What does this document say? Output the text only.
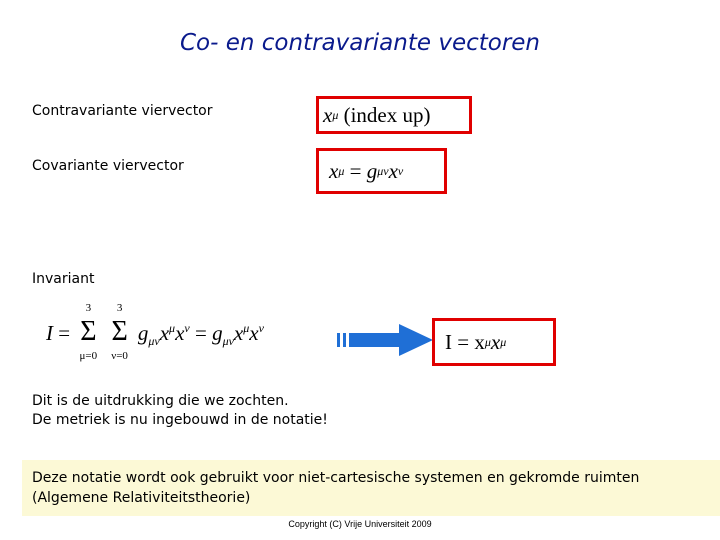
Co- en contravariante vectoren
Contravariante viervector	x μ
(index up)
Covariante viervector	x μ
=
g μν x ν
Invariant
I =
3
Σ
μ=0

3
Σ
ν=0
$g_{\mu\nu}x^\mu x^\nu = g_{\mu\nu}x^\mu x^\nu$
I = x μ x μ
Dit is de uitdrukking die we zochten.
De metriek is nu ingebouwd in de notatie!
Deze notatie wordt ook gebruikt voor niet-cartesische systemen en gekromde ruimten
(Algemene Relativiteitstheorie)
Copyright (C) Vrije Universiteit 2009
